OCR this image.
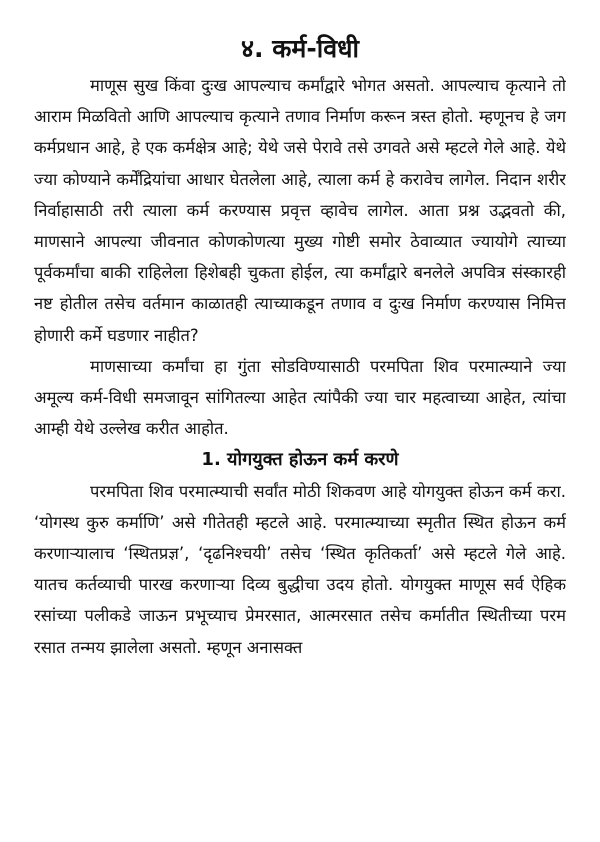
४. कर्म-विधी

माणूस सुख किंवा दुःख आपल्याच कर्मांद्वारे भोगत असतो. आपल्याच कृत्याने तो आराम मिळवितो आणि आपल्याच कृत्याने तणाव निर्माण करून त्रस्त होतो. म्हणूनच हे जग कर्मप्रधान आहे, हे एक कर्मक्षेत्र आहे; येथे जसे पेरावे तसे उगवते असे म्हटले गेले आहे. येथे ज्या कोण्याने कर्मेंद्रियांचा आधार घेतलेला आहे, त्याला कर्म हे करावेच लागेल. निदान शरीर निर्वाहासाठी तरी त्याला कर्म करण्यास प्रवृत्त व्हावेच लागेल. आता प्रश्न उद्भवतो की, माणसाने आपल्या जीवनात कोणकोणत्या मुख्य गोष्टी समोर ठेवाव्यात ज्यायोगे त्याच्या पूर्वकर्मांचा बाकी राहिलेला हिशेबही चुकता होईल, त्या कर्मांद्वारे बनलेले अपवित्र संस्कारही नष्ट होतील तसेच वर्तमान काळातही त्याच्याकडून तणाव व दुःख निर्माण करण्यास निमित्त होणारी कर्मे घडणार नाहीत?

माणसाच्या कर्मांचा हा गुंता सोडविण्यासाठी परमपिता शिव परमात्म्याने ज्या अमूल्य कर्म-विधी समजावून सांगितल्या आहेत त्यांपैकी ज्या चार महत्वाच्या आहेत, त्यांचा आम्ही येथे उल्लेख करीत आहोत.

1. योगयुक्त होऊन कर्म करणे

परमपिता शिव परमात्म्याची सर्वांत मोठी शिकवण आहे योगयुक्त होऊन कर्म करा. ‘योगस्थ कुरु कर्माणि’ असे गीतेतही म्हटले आहे. परमात्म्याच्या स्मृतीत स्थित होऊन कर्म करणाऱ्यालाच ‘स्थितप्रज्ञ’, ‘दृढनिश्चयी’ तसेच ‘स्थित कृतिकर्ता’ असे म्हटले गेले आहे. यातच कर्तव्याची पारख करणाऱ्या दिव्य बुद्धीचा उदय होतो. योगयुक्त माणूस सर्व ऐहिक रसांच्या पलीकडे जाऊन प्रभूच्याच प्रेमरसात, आत्मरसात तसेच कर्मातीत स्थितीच्या परम रसात तन्मय झालेला असतो. म्हणून अनासक्त
